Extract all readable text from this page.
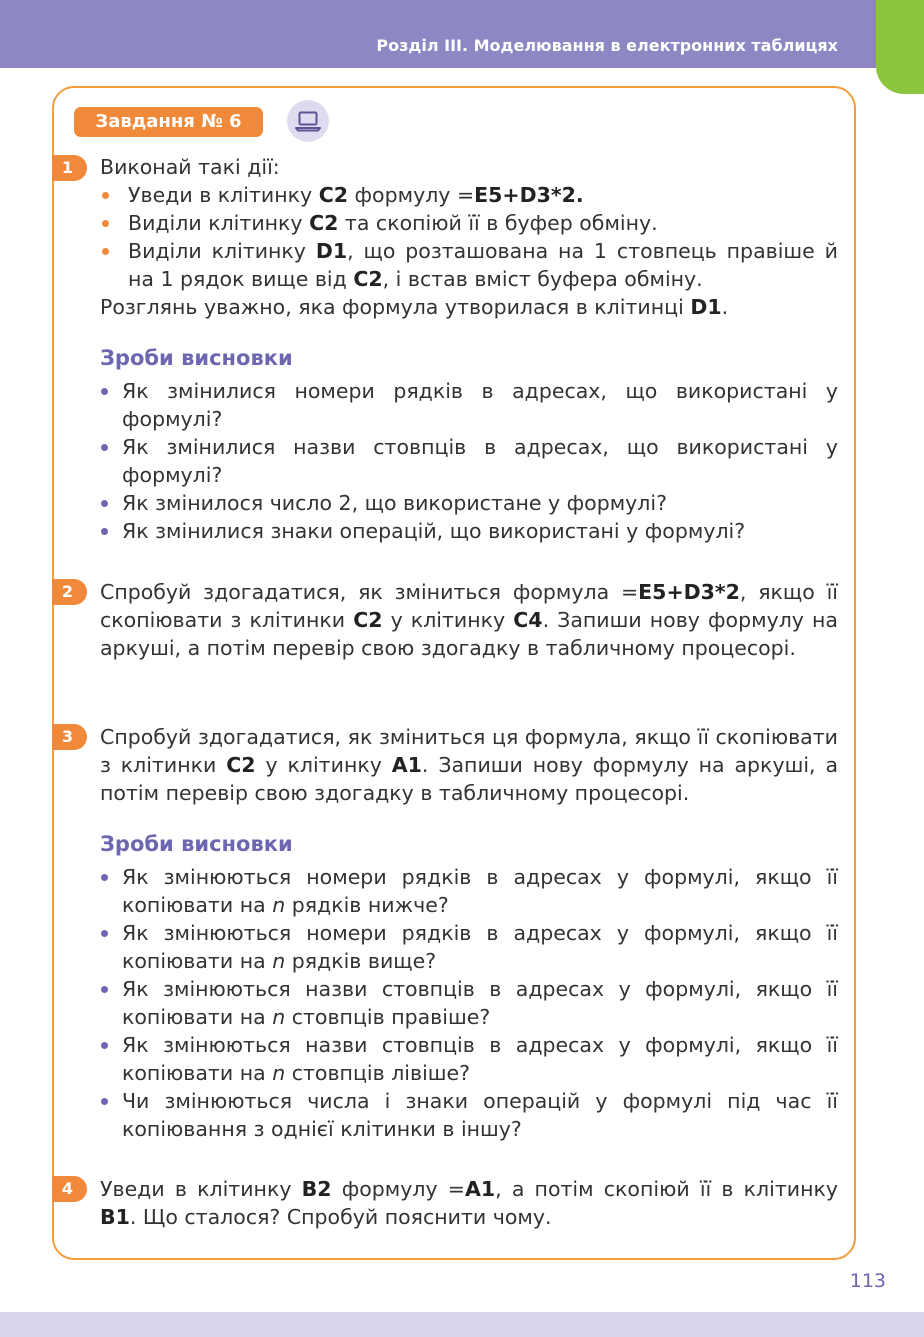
Розділ ІІІ. Моделювання в електронних таблицях
Завдання № 6
1	Виконай такі дії:

Уведи в клітинку C2 формулу =E5+D3*2.
Виділи клітинку C2 та скопіюй її в буфер обміну.
Виділи клітинку D1, що розташована на 1 стовпець правіше й на 1 рядок вище від C2, і встав вміст буфера обміну.

Розглянь уважно, яка формула утворилася в клітинці D1.

Зроби висновки
Як змінилися номери рядків в адресах, що використані у формулі?
Як змінилися назви стовпців в адресах, що використані у формулі?
Як змінилося число 2, що використане у формулі?
Як змінилися знаки операцій, що використані у формулі?
2	Спробуй здогадатися, як зміниться формула =E5+D3*2, якщо її скопіювати з клітинки C2 у клітинку C4. Запиши нову формулу на аркуші, а потім перевір свою здогадку в табличному процесорі.

3	Спробуй здогадатися, як зміниться ця формула, якщо її скопіювати з клітинки C2 у клітинку A1. Запиши нову формулу на аркуші, а потім перевір свою здогадку в табличному процесорі.

Зроби висновки
Як змінюються номери рядків в адресах у формулі, якщо її копіювати на n рядків нижче?
Як змінюються номери рядків в адресах у формулі, якщо її копіювати на n рядків вище?
Як змінюються назви стовпців в адресах у формулі, якщо її копіювати на n стовпців правіше?
Як змінюються назви стовпців в адресах у формулі, якщо її копіювати на n стовпців лівіше?
Чи змінюються числа і знаки операцій у формулі під час її копіювання з однієї клітинки в іншу?
4	Уведи в клітинку B2 формулу =A1, а потім скопіюй її в клітинку B1. Що сталося? Спробуй пояснити чому.

113
